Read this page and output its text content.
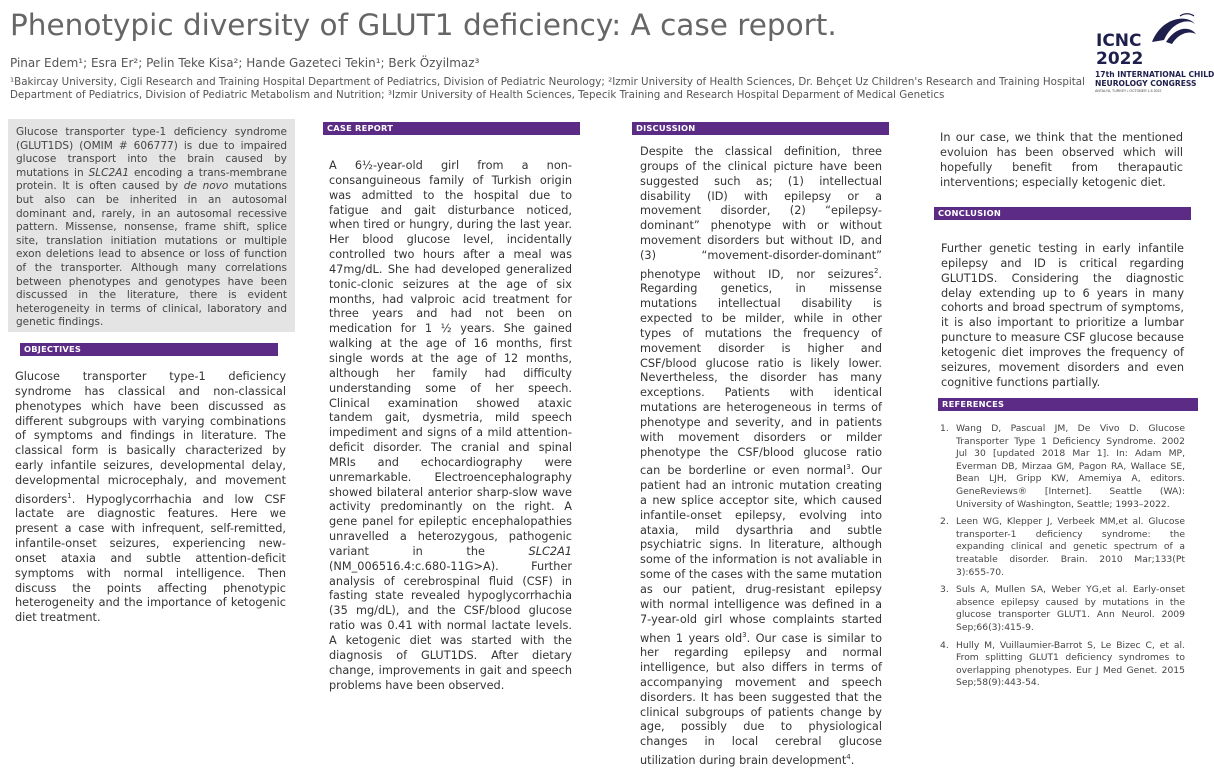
Phenotypic diversity of GLUT1 deficiency: A case report.
Pinar Edem¹; Esra Er²; Pelin Teke Kisa²; Hande Gazeteci Tekin¹; Berk Özyilmaz³
¹Bakircay University, Cigli Research and Training Hospital Department of Pediatrics, Division of Pediatric Neurology; ²Izmir University of Health Sciences, Dr. Behçet Uz Children's Research and Training Hospital Department of Pediatrics, Division of Pediatric Metabolism and Nutrition; ³Izmir University of Health Sciences, Tepecik Training and Research Hospital Deparment of Medical Genetics
ICNC
2022
17th INTERNATIONAL CHILD
NEUROLOGY CONGRESS
ANTALYA, TURKEY • OCTOBER 1-5 2022

Glucose transporter type-1 deficiency syndrome (GLUT1DS) (OMIM # 606777) is due to impaired glucose transport into the brain caused by mutations in SLC2A1 encoding a trans-membrane protein. It is often caused by de novo mutations but also can be inherited in an autosomal dominant and, rarely, in an autosomal recessive pattern. Missense, nonsense, frame shift, splice site, translation initiation mutations or multiple exon deletions lead to absence or loss of function of the transporter. Although many correlations between phenotypes and genotypes have been discussed in the literature, there is evident heterogeneity in terms of clinical, laboratory and genetic findings.

OBJECTIVES

Glucose transporter type-1 deficiency syndrome has classical and non-classical phenotypes which have been discussed as different subgroups with varying combinations of symptoms and findings in literature. The classical form is basically characterized by early infantile seizures, developmental delay, developmental microcephaly, and movement disorders$^1$. Hypoglycorrhachia and low CSF lactate are diagnostic features. Here we present a case with infrequent, self-remitted, infantile-onset seizures, experiencing new-onset ataxia and subtle attention-deficit symptoms with normal intelligence. Then discuss the points affecting phenotypic heterogeneity and the importance of ketogenic diet treatment.

CASE REPORT

A 6½-year-old girl from a non-consanguineous family of Turkish origin was admitted to the hospital due to fatigue and gait disturbance noticed, when tired or hungry, during the last year. Her blood glucose level, incidentally controlled two hours after a meal was 47mg/dL. She had developed generalized tonic-clonic seizures at the age of six months, had valproic acid treatment for three years and had not been on medication for 1 ½ years. She gained walking at the age of 16 months, first single words at the age of 12 months, although her family had difficulty understanding some of her speech. Clinical examination showed ataxic tandem gait, dysmetria, mild speech impediment and signs of a mild attention-deficit disorder. The cranial and spinal MRIs and echocardiography were unremarkable. Electroencephalography showed bilateral anterior sharp-slow wave activity predominantly on the right. A gene panel for epileptic encephalopathies unravelled a heterozygous, pathogenic variant in the SLC2A1 (NM_006516.4:c.680-11G>A). Further analysis of cerebrospinal fluid (CSF) in fasting state revealed hypoglycorrhachia (35 mg/dL), and the CSF/blood glucose ratio was 0.41 with normal lactate levels. A ketogenic diet was started with the diagnosis of GLUT1DS. After dietary change, improvements in gait and speech problems have been observed.

DISCUSSION

Despite the classical definition, three groups of the clinical picture have been suggested such as; (1) intellectual disability (ID) with epilepsy or a movement disorder, (2) “epilepsy-dominant” phenotype with or without movement disorders but without ID, and (3) “movement-disorder-dominant” phenotype without ID, nor seizures$^2$. Regarding genetics, in missense mutations intellectual disability is expected to be milder, while in other types of mutations the frequency of movement disorder is higher and CSF/blood glucose ratio is likely lower. Nevertheless, the disorder has many exceptions. Patients with identical mutations are heterogeneous in terms of phenotype and severity, and in patients with movement disorders or milder phenotype the CSF/blood glucose ratio can be borderline or even normal$^3$. Our patient had an intronic mutation creating a new splice acceptor site, which caused infantile-onset epilepsy, evolving into ataxia, mild dysarthria and subtle psychiatric signs. In literature, although some of the information is not avaliable in some of the cases with the same mutation as our patient, drug-resistant epilepsy with normal intelligence was defined in a 7-year-old girl whose complaints started when 1 years old$^3$. Our case is similar to her regarding epilepsy and normal intelligence, but also differs in terms of accompanying movement and speech disorders. It has been suggested that the clinical subgroups of patients change by age, possibly due to physiological changes in local cerebral glucose utilization during brain development$^4$.

In our case, we think that the mentioned evoluion has been observed which will hopefully benefit from therapautic interventions; especially ketogenic diet.

CONCLUSION

Further genetic testing in early infantile epilepsy and ID is critical regarding GLUT1DS. Considering the diagnostic delay extending up to 6 years in many cohorts and broad spectrum of symptoms, it is also important to prioritize a lumbar puncture to measure CSF glucose because ketogenic diet improves the frequency of seizures, movement disorders and even cognitive functions partially.

REFERENCES
1. Wang D, Pascual JM, De Vivo D. Glucose Transporter Type 1 Deficiency Syndrome. 2002 Jul 30 [updated 2018 Mar 1]. In: Adam MP, Everman DB, Mirzaa GM, Pagon RA, Wallace SE, Bean LJH, Gripp KW, Amemiya A, editors. GeneReviews® [Internet]. Seattle (WA): University of Washington, Seattle; 1993–2022.
2. Leen WG, Klepper J, Verbeek MM,et al. Glucose transporter-1 deficiency syndrome: the expanding clinical and genetic spectrum of a treatable disorder. Brain. 2010 Mar;133(Pt 3):655-70.
3. Suls A, Mullen SA, Weber YG,et al. Early-onset absence epilepsy caused by mutations in the glucose transporter GLUT1. Ann Neurol. 2009 Sep;66(3):415-9.
4. Hully M, Vuillaumier-Barrot S, Le Bizec C, et al. From splitting GLUT1 deficiency syndromes to overlapping phenotypes. Eur J Med Genet. 2015 Sep;58(9):443-54.
